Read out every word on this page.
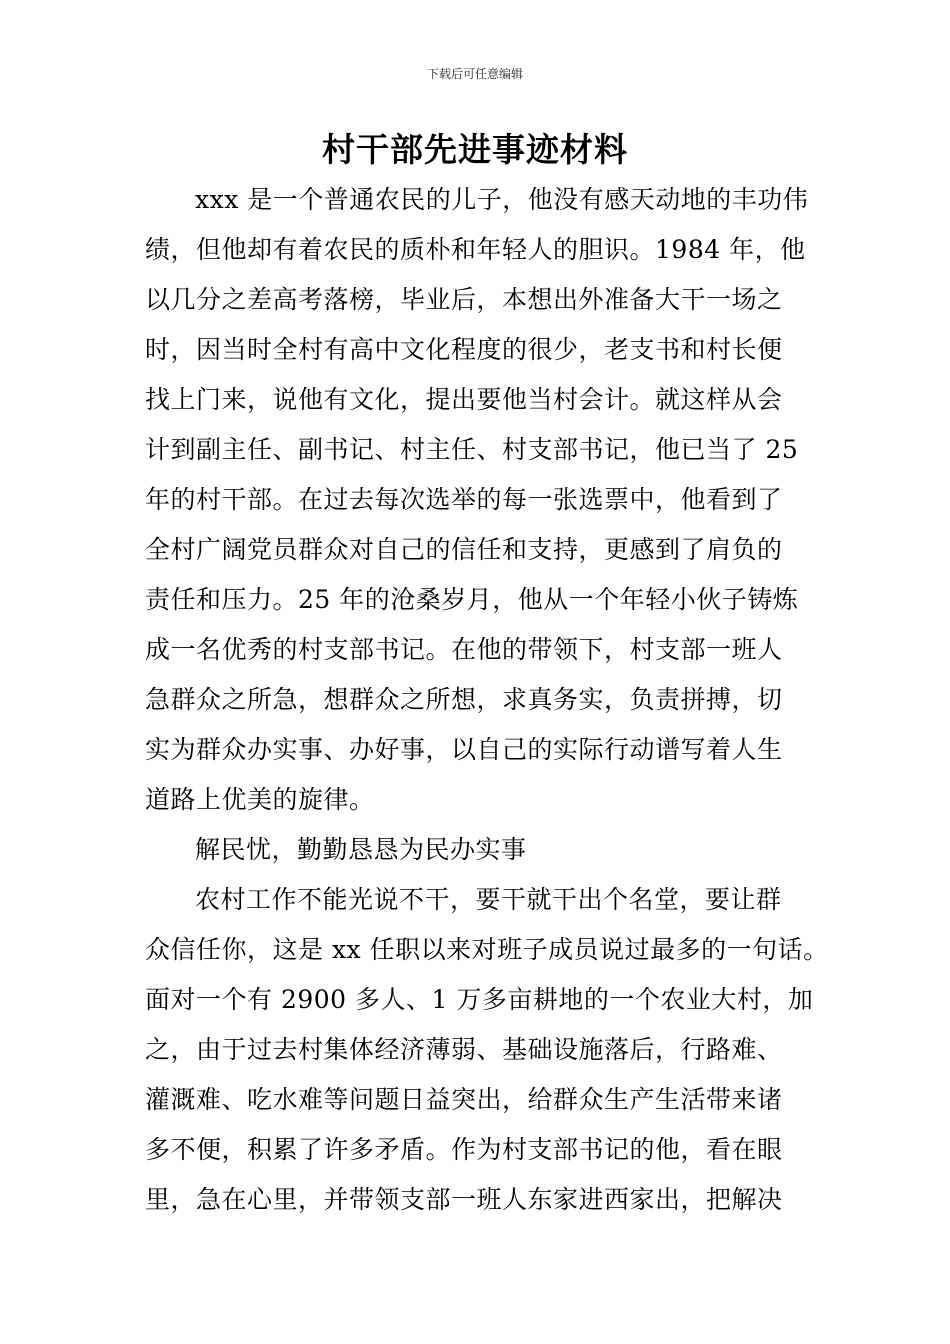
下载后可任意编辑
村干部先进事迹材料
xxx 是一个普通农民的儿子，他没有感天动地的丰功伟
绩，但他却有着农民的质朴和年轻人的胆识。1984 年，他
以几分之差高考落榜，毕业后，本想出外准备大干一场之
时，因当时全村有高中文化程度的很少，老支书和村长便
找上门来，说他有文化，提出要他当村会计。就这样从会
计到副主任、副书记、村主任、村支部书记，他已当了 25
年的村干部。在过去每次选举的每一张选票中，他看到了
全村广阔党员群众对自己的信任和支持，更感到了肩负的
责任和压力。25 年的沧桑岁月，他从一个年轻小伙子铸炼
成一名优秀的村支部书记。在他的带领下，村支部一班人
急群众之所急，想群众之所想，求真务实，负责拼搏，切
实为群众办实事、办好事，以自己的实际行动谱写着人生
道路上优美的旋律。
解民忧，勤勤恳恳为民办实事
农村工作不能光说不干，要干就干出个名堂，要让群
众信任你，这是 xx 任职以来对班子成员说过最多的一句话。
面对一个有 2900 多人、1 万多亩耕地的一个农业大村，加
之，由于过去村集体经济薄弱、基础设施落后，行路难、
灌溉难、吃水难等问题日益突出，给群众生产生活带来诸
多不便，积累了许多矛盾。作为村支部书记的他，看在眼
里，急在心里，并带领支部一班人东家进西家出，把解决
